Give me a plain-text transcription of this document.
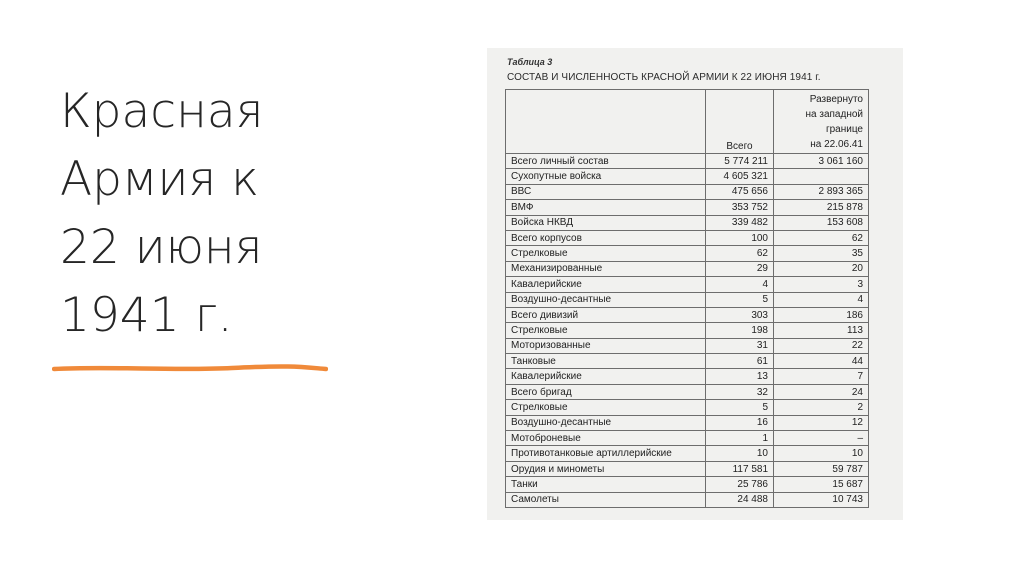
Красная
Армия к
22 июня
1941 г.
Таблица 3
СОСТАВ И ЧИСЛЕННОСТЬ КРАСНОЙ АРМИИ К 22 ИЮНЯ 1941 г.
	Всего	Развернуто
на западной
границе
на 22.06.41

Всего личный состав	5 774 211	3 061 160
Сухопутные войска	4 605 321	
ВВС	475 656	2 893 365
ВМФ	353 752	215 878
Войска НКВД	339 482	153 608
Всего корпусов	100	62
Стрелковые	62	35
Механизированные	29	20
Кавалерийские	4	3
Воздушно-десантные	5	4
Всего дивизий	303	186
Стрелковые	198	113
Моторизованные	31	22
Танковые	61	44
Кавалерийские	13	7
Всего бригад	32	24
Стрелковые	5	2
Воздушно-десантные	16	12
Мотоброневые	1	–
Противотанковые артиллерийские	10	10
Орудия и минометы	117 581	59 787
Танки	25 786	15 687
Самолеты	24 488	10 743
